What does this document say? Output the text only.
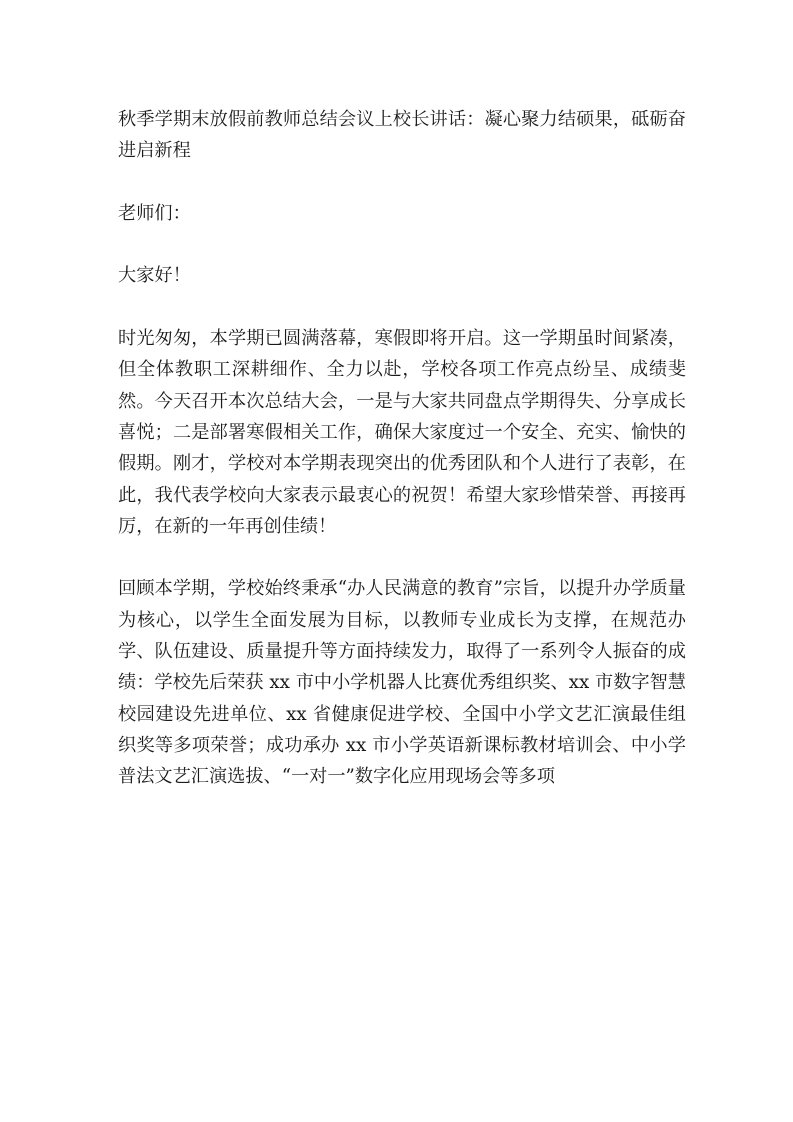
秋季学期末放假前教师总结会议上校长讲话：凝心聚力结硕果，砥砺奋进启新程

老师们：

大家好！

时光匆匆，本学期已圆满落幕，寒假即将开启。这一学期虽时间紧凑，但全体教职工深耕细作、全力以赴，学校各项工作亮点纷呈、成绩斐然。今天召开本次总结大会，一是与大家共同盘点学期得失、分享成长喜悦；二是部署寒假相关工作，确保大家度过一个安全、充实、愉快的假期。刚才，学校对本学期表现突出的优秀团队和个人进行了表彰，在此，我代表学校向大家表示最衷心的祝贺！希望大家珍惜荣誉、再接再厉，在新的一年再创佳绩！

回顾本学期，学校始终秉承“办人民满意的教育”宗旨，以提升办学质量为核心，以学生全面发展为目标，以教师专业成长为支撑，在规范办学、队伍建设、质量提升等方面持续发力，取得了一系列令人振奋的成绩：学校先后荣获 xx 市中小学机器人比赛优秀组织奖、xx 市数字智慧校园建设先进单位、xx 省健康促进学校、全国中小学文艺汇演最佳组织奖等多项荣誉；成功承办 xx 市小学英语新课标教材培训会、中小学普法文艺汇演选拔、“一对一”数字化应用现场会等多项
